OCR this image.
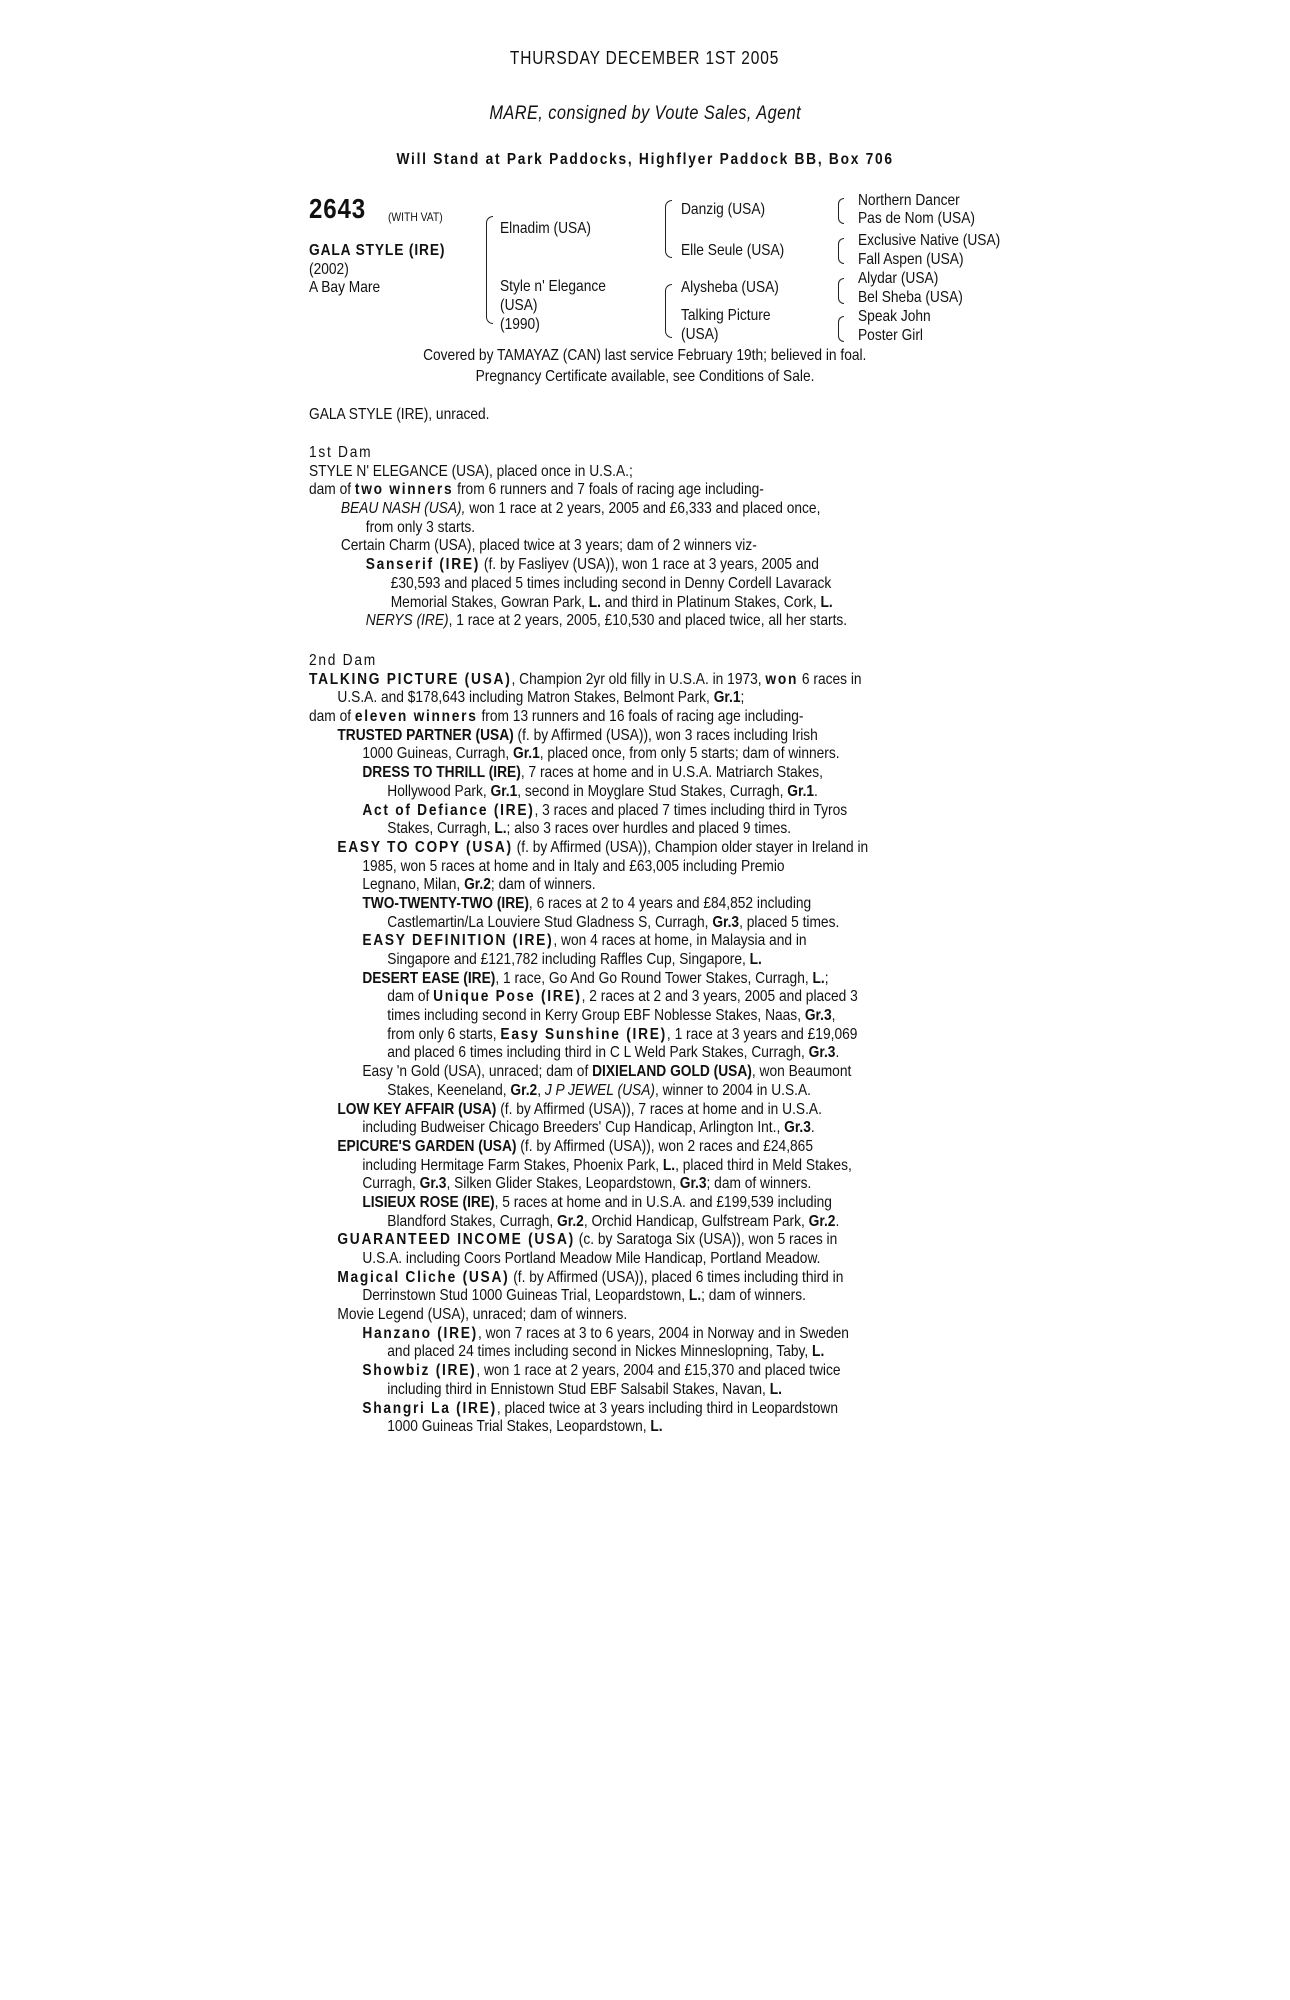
THURSDAY DECEMBER 1ST 2005
MARE, consigned by Voute Sales, Agent
Will Stand at Park Paddocks, Highflyer Paddock BB, Box 706
2643 (WITH VAT)
GALA STYLE (IRE)
(2002)
A Bay Mare
Elnadim (USA)
Style n' Elegance
(USA)
(1990)
Danzig (USA)
Elle Seule (USA)
Alysheba (USA)
Talking Picture
(USA)
Northern Dancer
Pas de Nom (USA)
Exclusive Native (USA)
Fall Aspen (USA)
Alydar (USA)
Bel Sheba (USA)
Speak John
Poster Girl
Covered by TAMAYAZ (CAN) last service February 19th; believed in foal.
Pregnancy Certificate available, see Conditions of Sale.
GALA STYLE (IRE), unraced.
1st Dam
STYLE N' ELEGANCE (USA), placed once in U.S.A.;
dam of two winners from 6 runners and 7 foals of racing age including-
BEAU NASH (USA), won 1 race at 2 years, 2005 and £6,333 and placed once,
from only 3 starts.
Certain Charm (USA), placed twice at 3 years; dam of 2 winners viz-
Sanserif (IRE) (f. by Fasliyev (USA)), won 1 race at 3 years, 2005 and
£30,593 and placed 5 times including second in Denny Cordell Lavarack
Memorial Stakes, Gowran Park, L. and third in Platinum Stakes, Cork, L.
NERYS (IRE), 1 race at 2 years, 2005, £10,530 and placed twice, all her starts.
2nd Dam
TALKING PICTURE (USA), Champion 2yr old filly in U.S.A. in 1973, won 6 races in
U.S.A. and $178,643 including Matron Stakes, Belmont Park, Gr.1;
dam of eleven winners from 13 runners and 16 foals of racing age including-
TRUSTED PARTNER (USA) (f. by Affirmed (USA)), won 3 races including Irish
1000 Guineas, Curragh, Gr.1, placed once, from only 5 starts; dam of winners.
DRESS TO THRILL (IRE), 7 races at home and in U.S.A. Matriarch Stakes,
Hollywood Park, Gr.1, second in Moyglare Stud Stakes, Curragh, Gr.1.
Act of Defiance (IRE), 3 races and placed 7 times including third in Tyros
Stakes, Curragh, L.; also 3 races over hurdles and placed 9 times.
EASY TO COPY (USA) (f. by Affirmed (USA)), Champion older stayer in Ireland in
1985, won 5 races at home and in Italy and £63,005 including Premio
Legnano, Milan, Gr.2; dam of winners.
TWO-TWENTY-TWO (IRE), 6 races at 2 to 4 years and £84,852 including
Castlemartin/La Louviere Stud Gladness S, Curragh, Gr.3, placed 5 times.
EASY DEFINITION (IRE), won 4 races at home, in Malaysia and in
Singapore and £121,782 including Raffles Cup, Singapore, L.
DESERT EASE (IRE), 1 race, Go And Go Round Tower Stakes, Curragh, L.;
dam of Unique Pose (IRE), 2 races at 2 and 3 years, 2005 and placed 3
times including second in Kerry Group EBF Noblesse Stakes, Naas, Gr.3,
from only 6 starts, Easy Sunshine (IRE), 1 race at 3 years and £19,069
and placed 6 times including third in C L Weld Park Stakes, Curragh, Gr.3.
Easy 'n Gold (USA), unraced; dam of DIXIELAND GOLD (USA), won Beaumont
Stakes, Keeneland, Gr.2, J P JEWEL (USA), winner to 2004 in U.S.A.
LOW KEY AFFAIR (USA) (f. by Affirmed (USA)), 7 races at home and in U.S.A.
including Budweiser Chicago Breeders' Cup Handicap, Arlington Int., Gr.3.
EPICURE'S GARDEN (USA) (f. by Affirmed (USA)), won 2 races and £24,865
including Hermitage Farm Stakes, Phoenix Park, L., placed third in Meld Stakes,
Curragh, Gr.3, Silken Glider Stakes, Leopardstown, Gr.3; dam of winners.
LISIEUX ROSE (IRE), 5 races at home and in U.S.A. and £199,539 including
Blandford Stakes, Curragh, Gr.2, Orchid Handicap, Gulfstream Park, Gr.2.
GUARANTEED INCOME (USA) (c. by Saratoga Six (USA)), won 5 races in
U.S.A. including Coors Portland Meadow Mile Handicap, Portland Meadow.
Magical Cliche (USA) (f. by Affirmed (USA)), placed 6 times including third in
Derrinstown Stud 1000 Guineas Trial, Leopardstown, L.; dam of winners.
Movie Legend (USA), unraced; dam of winners.
Hanzano (IRE), won 7 races at 3 to 6 years, 2004 in Norway and in Sweden
and placed 24 times including second in Nickes Minneslopning, Taby, L.
Showbiz (IRE), won 1 race at 2 years, 2004 and £15,370 and placed twice
including third in Ennistown Stud EBF Salsabil Stakes, Navan, L.
Shangri La (IRE), placed twice at 3 years including third in Leopardstown
1000 Guineas Trial Stakes, Leopardstown, L.
